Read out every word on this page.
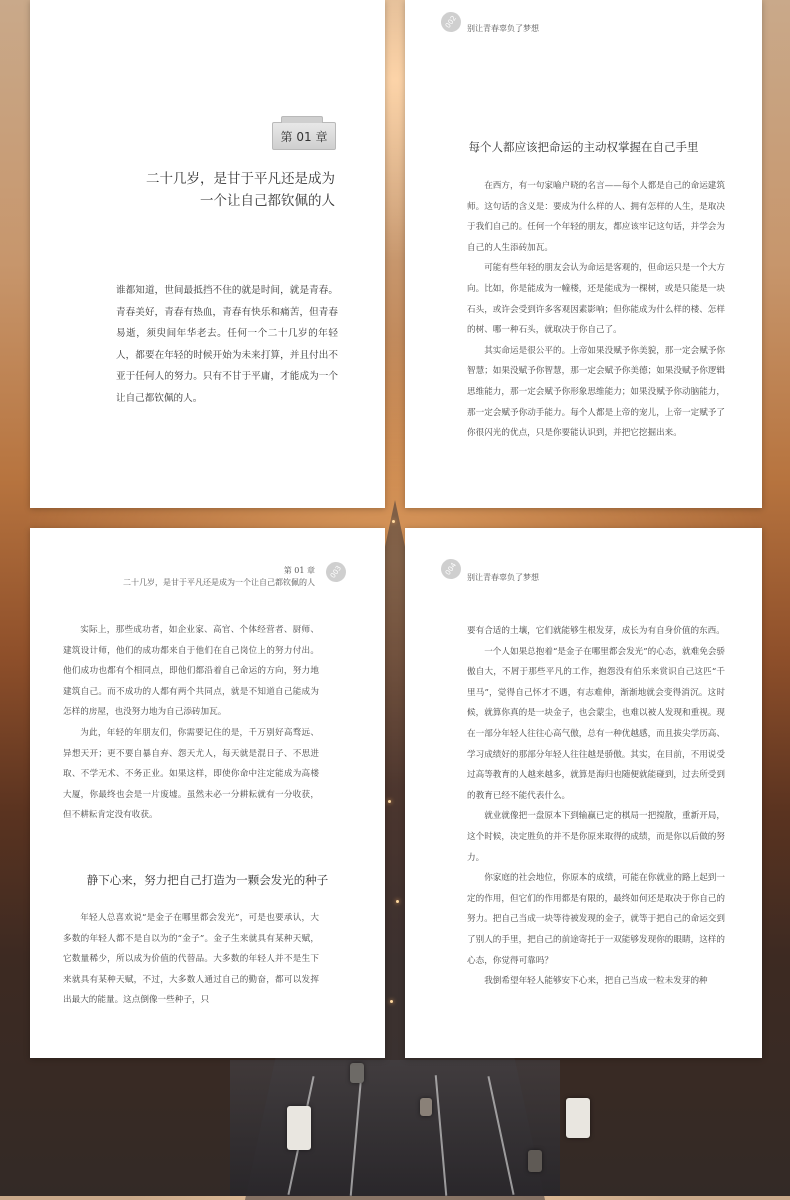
第 01 章
二十几岁，是甘于平凡还是成为
一个让自己都钦佩的人
谁都知道，世间最抵挡不住的就是时间，就是青春。青春美好，青春有热血，青春有快乐和痛苦，但青春易逝，须臾间年华老去。任何一个二十几岁的年轻人，都要在年轻的时候开始为未来打算，并且付出不亚于任何人的努力。只有不甘于平庸，才能成为一个让自己都钦佩的人。
002 别让青春辜负了梦想
每个人都应该把命运的主动权掌握在自己手里

在西方，有一句家喻户晓的名言——每个人都是自己的命运建筑师。这句话的含义是：要成为什么样的人、拥有怎样的人生，是取决于我们自己的。任何一个年轻的朋友，都应该牢记这句话，并学会为自己的人生添砖加瓦。

可能有些年轻的朋友会认为命运是客观的，但命运只是一个大方向。比如，你是能成为一幢楼，还是能成为一棵树，或是只能是一块石头，或许会受到许多客观因素影响；但你能成为什么样的楼、怎样的树、哪一种石头，就取决于你自己了。

其实命运是很公平的。上帝如果没赋予你美貌，那一定会赋予你智慧；如果没赋予你智慧，那一定会赋予你美德；如果没赋予你逻辑思维能力，那一定会赋予你形象思维能力；如果没赋予你动脑能力，那一定会赋予你动手能力。每个人都是上帝的宠儿，上帝一定赋予了你很闪光的优点，只是你要能认识到，并把它挖掘出来。

第 01 章
二十几岁，是甘于平凡还是成为一个让自己都钦佩的人
003

实际上，那些成功者，如企业家、高官、个体经营者、厨师、建筑设计师，他们的成功都来自于他们在自己岗位上的努力付出。他们成功也都有个相同点，即他们都沿着自己命运的方向，努力地建筑自己。而不成功的人都有两个共同点，就是不知道自己能成为怎样的房屋，也没努力地为自己添砖加瓦。

为此，年轻的年朋友们，你需要记住的是，千万别好高骛远、异想天开；更不要自暴自弃、怨天尤人，每天就是混日子、不思进取、不学无术、不务正业。如果这样，即使你命中注定能成为高楼大厦，你最终也会是一片废墟。虽然未必一分耕耘就有一分收获，但不耕耘肯定没有收获。

静下心来，努力把自己打造为一颗会发光的种子

年轻人总喜欢说“是金子在哪里都会发光”，可是也要承认，大多数的年轻人都不是自以为的“金子”。金子生来就具有某种天赋，它数量稀少，所以成为价值的代替品。大多数的年轻人并不是生下来就具有某种天赋，不过，大多数人通过自己的勤奋，都可以发挥出最大的能量。这点倒像一些种子，只

004
别让青春辜负了梦想

要有合适的土壤，它们就能够生根发芽，成长为有自身价值的东西。

一个人如果总抱着“是金子在哪里都会发光”的心态，就难免会骄傲自大，不屑于那些平凡的工作，抱怨没有伯乐来赏识自己这匹“千里马”，觉得自己怀才不遇，有志难伸，渐渐地就会变得消沉。这时候，就算你真的是一块金子，也会蒙尘，也难以被人发现和重视。现在一部分年轻人往往心高气傲，总有一种优越感，而且拔尖学历高、学习成绩好的那部分年轻人往往越是骄傲。其实，在目前，不用说受过高等教育的人越来越多，就算是海归也随便就能碰到，过去所受到的教育已经不能代表什么。

就业就像把一盘原本下到输赢已定的棋局一把搅散，重新开局，这个时候，决定胜负的并不是你原来取得的成绩，而是你以后做的努力。

你家庭的社会地位，你原本的成绩，可能在你就业的路上起到一定的作用，但它们的作用都是有限的，最终如何还是取决于你自己的努力。把自己当成一块等待被发现的金子，就等于把自己的命运交到了别人的手里，把自己的前途寄托于一双能够发现你的眼睛，这样的心态，你觉得可靠吗？

我倒希望年轻人能够安下心来，把自己当成一粒未发芽的种
